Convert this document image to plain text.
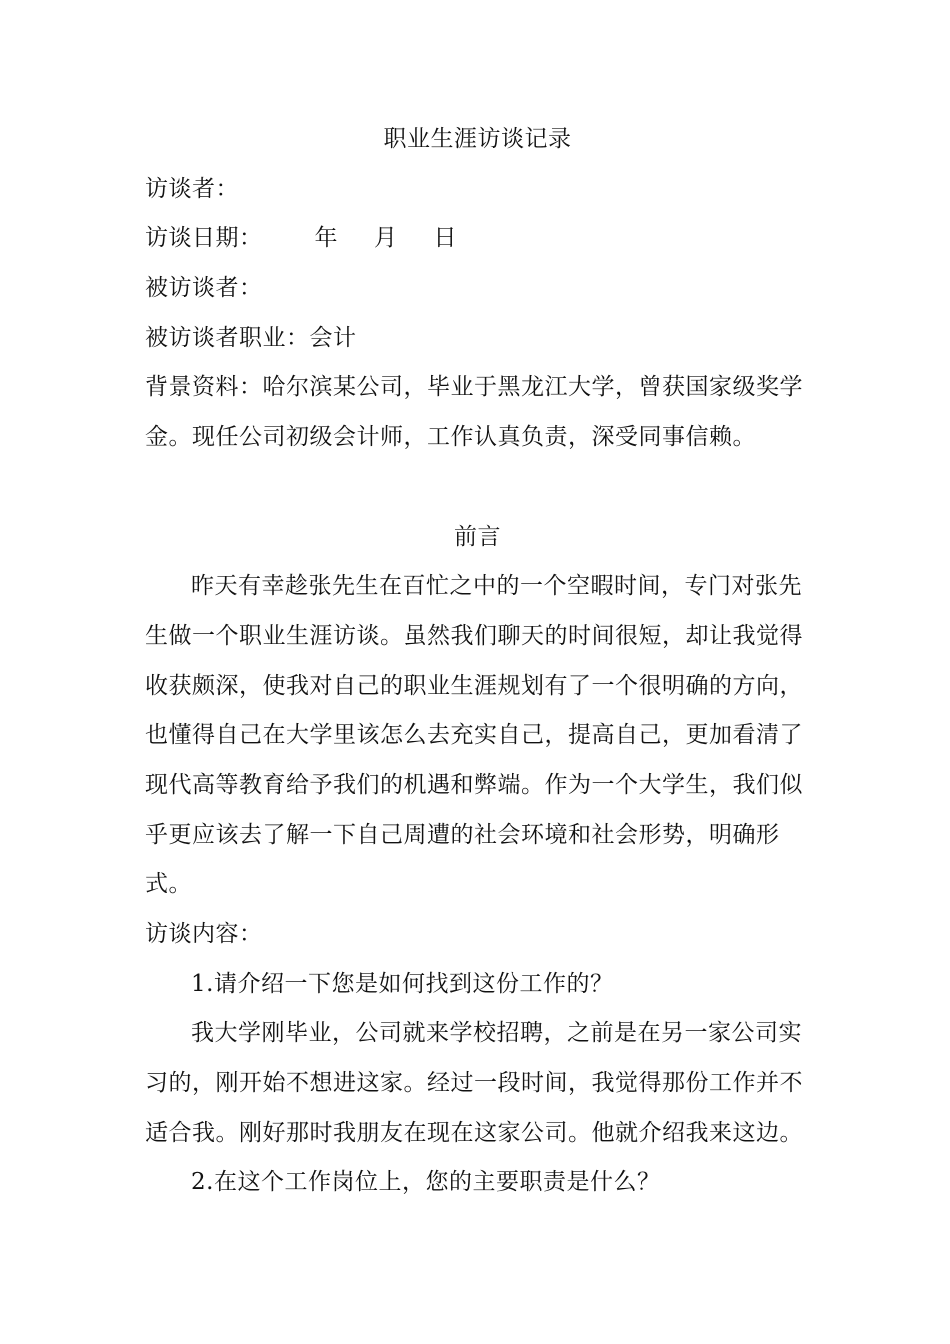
职业生涯访谈记录
访谈者：
访谈日期： 年 月 日
被访谈者：
被访谈者职业：会计
背景资料：哈尔滨某公司，毕业于黑龙江大学，曾获国家级奖学
金。现任公司初级会计师，工作认真负责，深受同事信赖。
前言
昨天有幸趁张先生在百忙之中的一个空暇时间，专门对张先
生做一个职业生涯访谈。虽然我们聊天的时间很短，却让我觉得
收获颇深，使我对自己的职业生涯规划有了一个很明确的方向，
也懂得自己在大学里该怎么去充实自己，提高自己，更加看清了
现代高等教育给予我们的机遇和弊端。作为一个大学生，我们似
乎更应该去了解一下自己周遭的社会环境和社会形势，明确形
式。
访谈内容：
1.请介绍一下您是如何找到这份工作的？
我大学刚毕业，公司就来学校招聘，之前是在另一家公司实
习的，刚开始不想进这家。经过一段时间，我觉得那份工作并不
适合我。刚好那时我朋友在现在这家公司。他就介绍我来这边。
2.在这个工作岗位上，您的主要职责是什么？
